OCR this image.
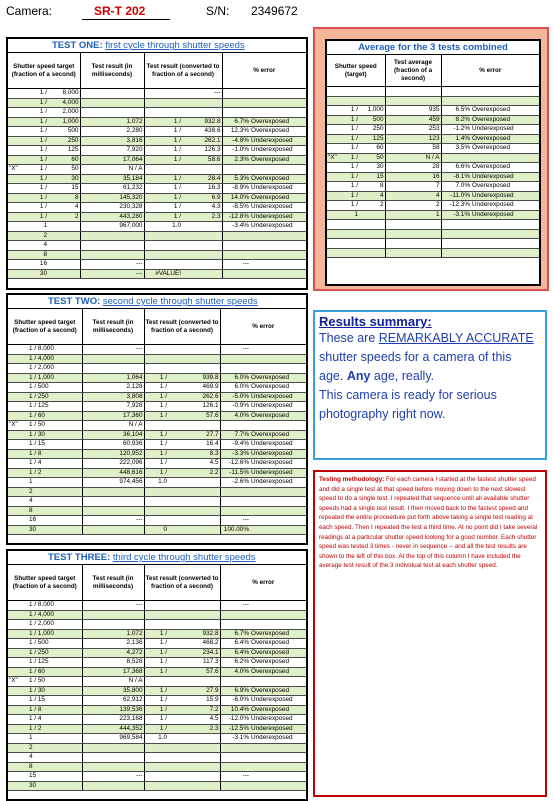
Camera:	SR-T 202	S/N: 2349672
TEST ONE: first cycle through shutter speeds
Shutter speed target (fraction of a second)			Test result (in milliseconds)	Test result (converted to fraction of a second)		% error	
	1 /	8,000			---		
	1 /	4,000					
	1 /	2,000					
	1 /	1,000	1,072	1 /	932.8	6.7%	Overexposed
	1 /	500	2,280	1 /	438.6	12.3%	Overexposed
	1 /	250	3,816	1 /	262.1	-4.8%	Underexposed
	1 /	125	7,920	1 /	126.3	-1.0%	Underexposed
	1 /	60	17,064	1 /	58.6	2.3%	Overexposed
"X"	1 /	50	N / A				
	1 /	30	35,184	1 /	28.4	5.3%	Overexposed
	1 /	15	61,232	1 /	16.3	-8.9%	Underexposed
	1 /	8	145,320	1 /	6.9	14.0%	Overexposed
	1 /	4	230,328	1 /	4.3	-8.5%	Underexposed
	1 /	2	443,280	1 /	2.3	-12.8%	Underexposed
	1		967,000	1.0		-3.4%	Underexposed
	2						
	4						
	8						
	16		---			---	
	30		---	#VALUE!			
TEST TWO: second cycle through shutter speeds
Shutter speed target (fraction of a second)		Test result (in milliseconds)	Test result (converted to fraction of a second)		% error	
	1 / 8,000	---			---	
	1 / 4,000					
	1 / 2,000					
	1 / 1,000	1,064	1 /	939.8	6.0%	Overexposed
	1 / 500	2,128	1 /	469.9	6.0%	Overexposed
	1 / 250	3,808	1 /	262.6	-5.0%	Underexposed
	1 / 125	7,928	1 /	126.1	-0.9%	Underexposed
	1 / 60	17,360	1 /	57.6	4.0%	Overexposed
"X"	1 / 50	N / A				
	1 / 30	36,104	1 /	27.7	7.7%	Overexposed
	1 / 15	60,936	1 /	16.4	-9.4%	Underexposed
	1 / 8	120,952	1 /	8.3	-3.3%	Underexposed
	1 / 4	222,096	1 /	4.5	-12.6%	Underexposed
	1 / 2	448,616	1 /	2.2	-11.5%	Underexposed
	1	974,456	1.0		-2.6%	Underexposed
	2					
	4					
	8					
	16	---			---	
	30		0		100.00%	
TEST THREE: third cycle through shutter speeds
Shutter speed target (fraction of a second)		Test result (in milliseconds)	Test result (converted to fraction of a second)		% error	
	1 / 8,000	---			---	
	1 / 4,000					
	1 / 2,000					
	1 / 1,000	1,072	1 /	932.8	6.7%	Overexposed
	1 / 500	2,136	1 /	468.2	6.4%	Overexposed
	1 / 250	4,272	1 /	234.1	6.4%	Overexposed
	1 / 125	8,528	1 /	117.3	6.2%	Overexposed
	1 / 60	17,368	1 /	57.6	4.0%	Overexposed
"X"	1 / 50	N / A				
	1 / 30	35,800	1 /	27.9	6.9%	Overexposed
	1 / 15	62,912	1 /	15.9	-6.0%	Underexposed
	1 / 8	139,536	1 /	7.2	10.4%	Overexposed
	1 / 4	223,168	1 /	4.5	-12.0%	Underexposed
	1 / 2	444,352	1 /	2.3	-12.5%	Underexposed
	1	969,584	1.0		-3.1%	Underexposed
	2					
	4					
	8					
	15	---			---	
	30					
Average for the 3 tests combined
Shutter speed (target)			Test average (fraction of a second)	% error	

	1 /	1,000	935	6.5%	Overexposed
	1 /	500	459	8.2%	Overexposed
	1 /	250	253	-1.2%	Underexposed
	1 /	125	123	1.4%	Overexposed
	1 /	60	58	3.5%	Overexposed
"X"	1 /	50	N / A		
	1 /	30	28	6.6%	Overexposed
	1 /	15	16	-8.1%	Underexposed
	1 /	8	7	7.0%	Overexposed
	1 /	4	4	-11.0%	Underexposed
	1 /	2	2	-12.3%	Underexposed
	1		1	-3.1%	Underexposed

Results summary:

These are REMARKABLY ACCURATE

shutter speeds for a camera of this

age. Any age, really.

This camera is ready for serious

photography right now.

Testing methodology: For each camera I started at the fastest shutter speed and did a single test at that speed before moving down to the next slowest speed to do a single test. I repeated that sequence until all available shutter speeds had a single test result. I then moved back to the fastest speed and repeated the entire proceedure put forth above taking a single test reading at each speed. Then I repeated the test a third time. At no point did I take several readings at a particular shutter speed looking for a good number. Each shutter speed was tested 3 times - never in sequence -- and all the test results are shown to the left of this box. At the top of this column I have included the average test result of the 3 individual test at each shutter speed.
